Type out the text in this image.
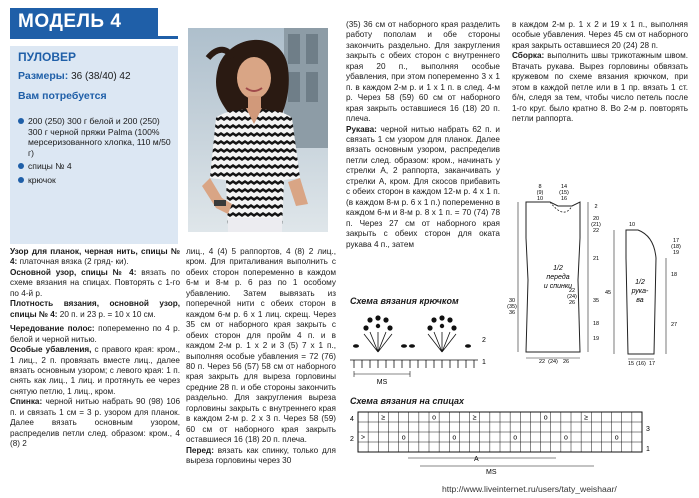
МОДЕЛЬ 4
ПУЛОВЕР
Размеры: 36 (38/40) 42
Вам потребуется
200 (250) 300 г белой и 200 (250) 300 г черной пряжи Palma (100% мерсеризованного хлопка, 110 м/50 г)
спицы № 4
крючок

Узор для планок, черная нить, спицы № 4: платочная вязка (2 гряд- ки).

Основной узор, спицы № 4: вязать по схеме вязания на спицах. Повторять с 1-го по 4-й р.

Плотность вязания, основной узор, спицы № 4: 20 п. и 23 р. = 10 x 10 см.

Чередование полос: попеременно по 4 р. белой и черной нитью.

Особые убавления, с правого края: кром., 1 лиц., 2 п. провязать вместе лиц., далее вязать основным узором; с левого края: 1 п. снять как лиц., 1 лиц. и протянуть ее через снятую петлю, 1 лиц., кром.

Спинка: черной нитью набрать 90 (98) 106 п. и связать 1 см = 3 р. узором для планок. Далее вязать основным узором, распределив петли след. образом: кром., 4 (8) 2

лиц., 4 (4) 5 раппортов, 4 (8) 2 лиц., кром. Для приталивания выполнить с обеих сторон попеременно в каждом 6-м и 8-м р. 6 раз по 1 особому убавлению. Затем вывязать из поперечной нити с обеих сторон в каждом 6-м р. 6 x 1 лиц. скрещ. Через 35 см от наборного края закрыть с обеих сторон для пройм 4 п. и в каждом 2-м р. 1 x 2 и 3 (5) 7 x 1 п., выполняя особые убавления = 72 (76) 80 п. Через 56 (57) 58 см от наборного края закрыть для выреза горловины средние 28 п. и обе стороны закончить раздельно. Для закругления выреза горловины закрыть с внутреннего края в каждом 2-м р. 2 x 3 п. Через 58 (59) 60 см от наборного края закрыть оставшиеся 16 (18) 20 п. плеча.

Перед: вязать как спинку, только для выреза горловины через 30

(35) 36 см от наборного края разделить работу пополам и обе стороны закончить раздельно. Для закругления закрыть с обеих сторон с внутреннего края 20 п., выполняя особые убавления, при этом попеременно 3 x 1 п. в каждом 2-м р. и 1 x 1 п. в след. 4-м р. Через 58 (59) 60 см от наборного края закрыть оставшиеся 16 (18) 20 п. плеча.

Рукава: черной нитью набрать 62 п. и связать 1 см узором для планок. Далее вязать основным узором, распределив петли след. образом: кром., начинать у стрелки А, 2 раппорта, заканчивать у стрелки А, кром. Для скосов прибавить с обеих сторон в каждом 12-м р. 4 x 1 п. (в каждом 8-м р. 6 x 1 п.) попеременно в каждом 6-м и 8-м р. 8 x 1 п. = 70 (74) 78 п. Через 27 см от наборного края закрыть с обеих сторон для оката рукава 4 п., затем

в каждом 2-м р. 1 x 2 и 19 x 1 п., выполняя особые убавления. Через 45 см от наборного края закрыть оставшиеся 20 (24) 28 п.

Сборка: выполнить швы трикотажным швом. Втачать рукава. Вырез горловины обвязать кружевом по схеме вязания крючком, при этом в каждой петле или в 1 пр. вязать 1 ст. б/н, следя за тем, чтобы число петель после 1-го круг. было кратно 8. Во 2-м р. повторять петли раппорта.

1/2
переда
и спинки
8
(9)
10
14
(15)
16
2
20
(21)
22
21
30
(35)
36
35
22
(24)
26
18
19
22 (24) 26
1/2
рука-
ва
10
17
(18)
19
45
18
27
15 (16) 17
Схема вязания крючком
MS
2
1
Схема вязания на спицах
4
3
2
1
A
MS
≥	o	≥	o	≥
>	o	o	o	o	o
http://www.liveinternet.ru/users/taty_weishaar/
